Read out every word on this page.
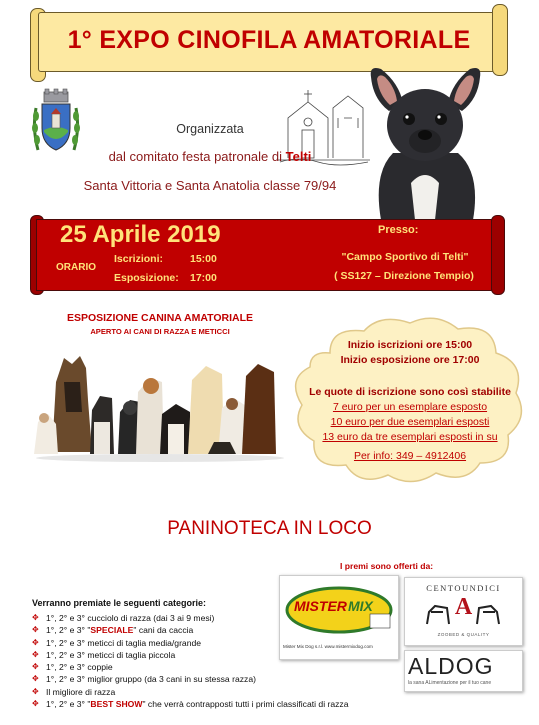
1° EXPO CINOFILA AMATORIALE
Organizzata
dal comitato festa patronale di Telti
Santa Vittoria e Santa Anatolia classe 79/94
25 Aprile 2019
ORARIO
Iscrizioni:	15:00
Esposizione: 17:00
Presso:
"Campo Sportivo di Telti"
( SS127 – Direzione Tempio)
ESPOSIZIONE CANINA AMATORIALE
APERTO AI CANI DI RAZZA E METICCI
Inizio iscrizioni ore 15:00
Inizio esposizione ore 17:00
Le quote di iscrizione sono così stabilite
7 euro per un esemplare esposto
10 euro per due esemplari esposti
13 euro da tre esemplari esposti in su
Per info: 349 – 4912406
PANINOTECA IN LOCO
I premi sono offerti da:
Verranno premiate le seguenti categorie:
✥ 1°, 2° e 3° cucciolo di razza (dai 3 ai 9 mesi)
✥ 1°, 2° e 3° "SPECIALE" cani da caccia
✥ 1°, 2° e 3° meticci di taglia media/grande
✥ 1°, 2° e 3° meticci di taglia piccola
✥ 1°, 2° e 3° coppie
✥ 1°, 2° e 3° miglior gruppo (da 3 cani in su stessa razza)
✥ Il migliore di razza
✥ 1°, 2° e 3° "BEST SHOW" che verrà contrapposti tutti i primi classificati di razza
MISTER MIX
Mister Mix Dog s.r.l. www.mistermixdog.com
CENTOUNDICI
A
ZOOBED & QUALITY
ALDOG
la sana ALimentazione per il tuo cane
